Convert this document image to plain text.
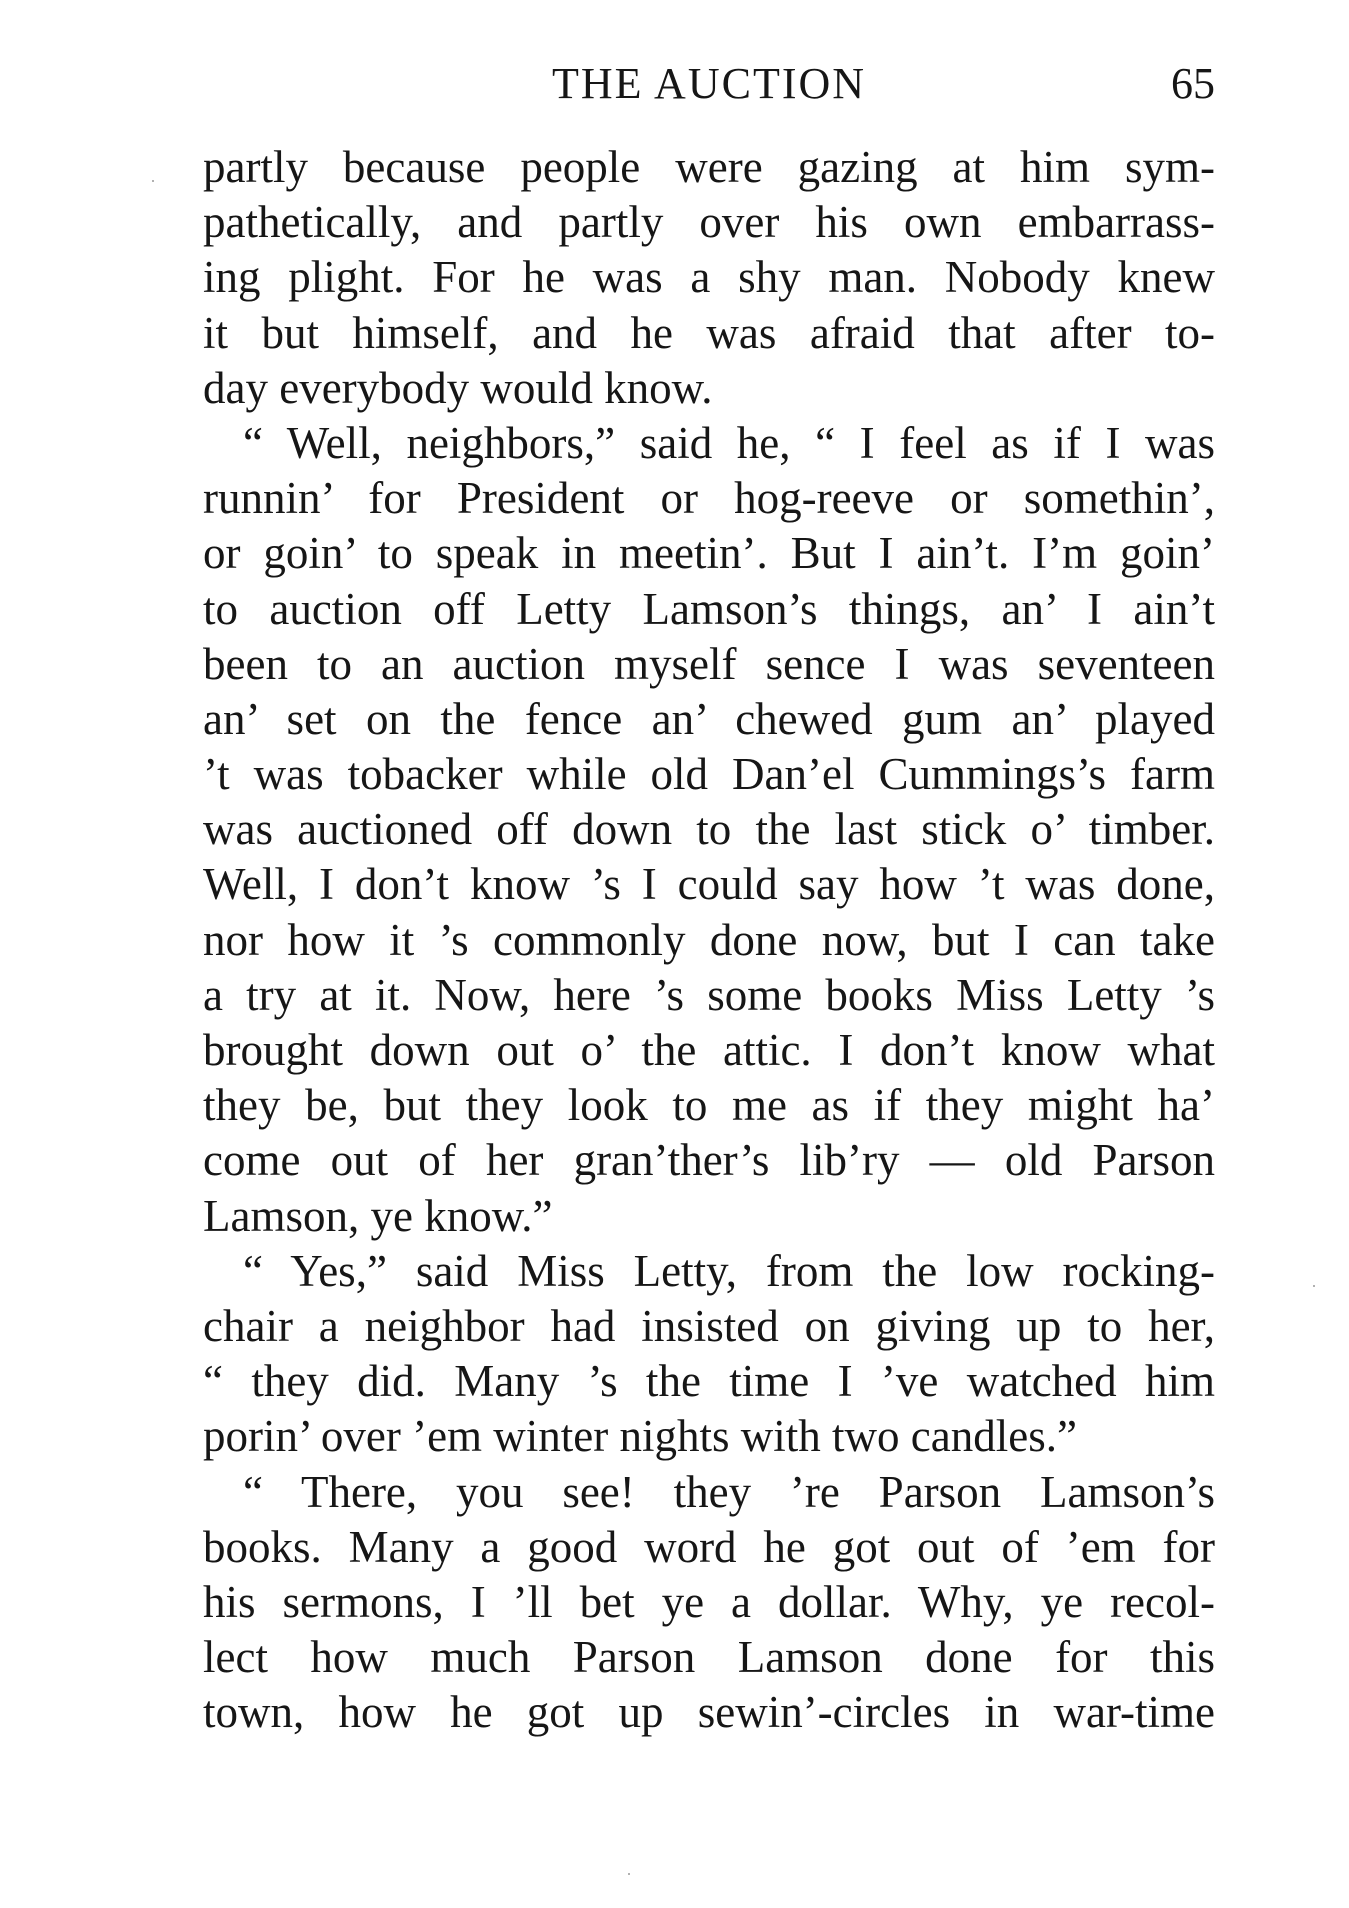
THE AUCTION	65
partly because people were gazing at him sym-
pathetically, and partly over his own embarrass-
ing plight. For he was a shy man. Nobody knew
it but himself, and he was afraid that after to-
day everybody would know.
“ Well, neighbors,” said he, “ I feel as if I was
runnin’ for President or hog-reeve or somethin’,
or goin’ to speak in meetin’. But I ain’t. I’m goin’
to auction off Letty Lamson’s things, an’ I ain’t
been to an auction myself sence I was seventeen
an’ set on the fence an’ chewed gum an’ played
’t was tobacker while old Dan’el Cummings’s farm
was auctioned off down to the last stick o’ timber.
Well, I don’t know ’s I could say how ’t was done,
nor how it ’s commonly done now, but I can take
a try at it. Now, here ’s some books Miss Letty ’s
brought down out o’ the attic. I don’t know what
they be, but they look to me as if they might ha’
come out of her gran’ther’s lib’ry — old Parson
Lamson, ye know.”
“ Yes,” said Miss Letty, from the low rocking-
chair a neighbor had insisted on giving up to her,
“ they did. Many ’s the time I ’ve watched him
porin’ over ’em winter nights with two candles.”
“ There, you see! they ’re Parson Lamson’s
books. Many a good word he got out of ’em for
his sermons, I ’ll bet ye a dollar. Why, ye recol-
lect how much Parson Lamson done for this
town, how he got up sewin’-circles in war-time
